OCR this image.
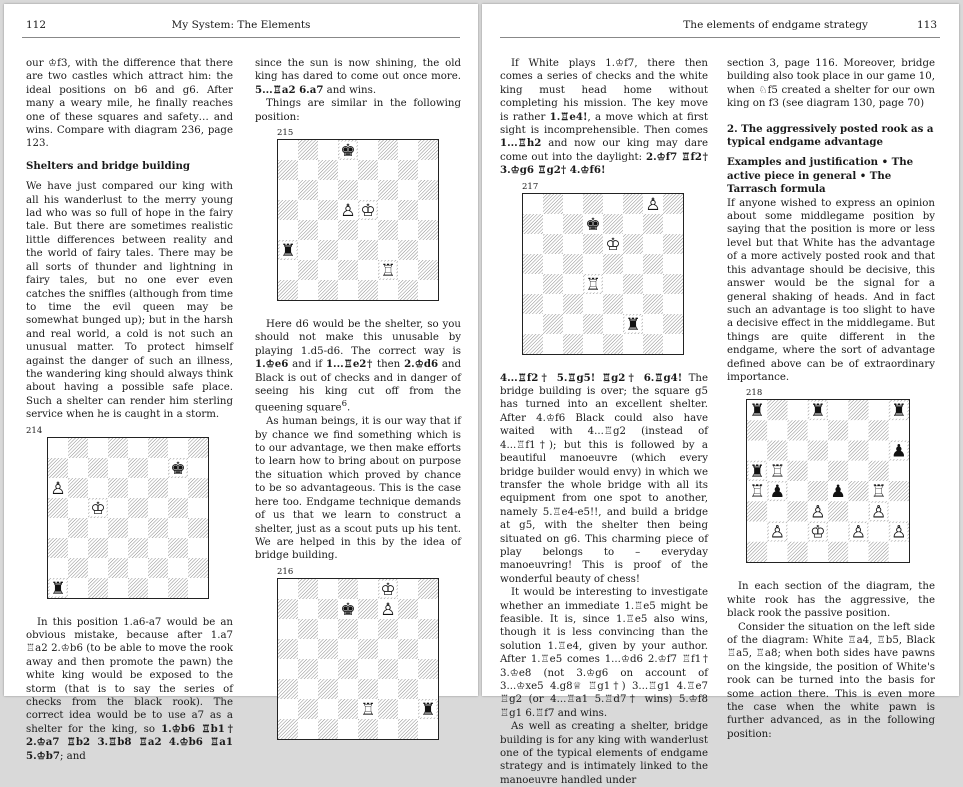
112	My System: The Elements

our ♔f3, with the difference that there are two castles which attract him: the ideal positions on b6 and g6. After many a weary mile, he finally reaches one of these squares and safety… and wins. Compare with diagram 236, page 123.

Shelters and bridge building

We have just compared our king with all his wanderlust to the merry young lad who was so full of hope in the fairy tale. But there are sometimes realistic little differences between reality and the world of fairy tales. There may be all sorts of thunder and lightning in fairy tales, but no one ever even catches the sniffles (although from time to time the evil queen may be somewhat bunged up); but in the harsh and real world, a cold is not such an unusual matter. To protect himself against the danger of such an illness, the wandering king should always think about having a possible safe place. Such a shelter can render him sterling service when he is caught in a storm.

214
♚
♙
♔
♜

In this position 1.a6-a7 would be an obvious mistake, because after 1.a7 ♖a2 2.♔b6 (to be able to move the rook away and then promote the pawn) the white king would be exposed to the storm (that is to say the series of checks from the black rook). The correct idea would be to use a7 as a shelter for the king, so 1.♔b6 ♖b1† 2.♔a7 ♖b2 3.♖b8 ♖a2 4.♔b6 ♖a1 5.♔b7; and

since the sun is now shining, the old king has dared to come out once more. 5...♖a2 6.a7 and wins.

Things are similar in the following position:

215
♚
♙ ♔
♜
♖

Here d6 would be the shelter, so you should not make this unusable by playing 1.d5-d6. The correct way is 1.♔e6 and if 1...♖e2† then 2.♔d6 and Black is out of checks and in danger of seeing his king cut off from the queening square$^6$.

As human beings, it is our way that if by chance we find something which is to our advantage, we then make efforts to learn how to bring about on purpose the situation which proved by chance to be so advantageous. This is the case here too. Endgame technique demands of us that we learn to construct a shelter, just as a scout puts up his tent. We are helped in this by the idea of bridge building.

216
♔
♚ ♙
♖	♜
The elements of endgame strategy	113

If White plays 1.♔f7, there then comes a series of checks and the white king must head home without completing his mission. The key move is rather 1.♖e4!, a move which at first sight is incomprehensible. Then comes 1...♖h2 and now our king may dare come out into the daylight: 2.♔f7 ♖f2† 3.♔g6 ♖g2† 4.♔f6!

217
♙
♚
♔
♖
♜

4...♖f2† 5.♖g5! ♖g2† 6.♖g4! The bridge building is over; the square g5 has turned into an excellent shelter. After 4.♔f6 Black could also have waited with 4...♖g2 (instead of 4...♖f1†); but this is followed by a beautiful manoeuvre (which every bridge builder would envy) in which we transfer the whole bridge with all its equipment from one spot to another, namely 5.♖e4-e5!!, and build a bridge at g5, with the shelter then being situated on g6. This charming piece of play belongs to – everyday manoeuvring! This is proof of the wonderful beauty of chess!

It would be interesting to investigate whether an immediate 1.♖e5 might be feasible. It is, since 1.♖e5 also wins, though it is less convincing than the solution 1.♖e4, given by your author. After 1.♖e5 comes 1...♔d6 2.♔f7 ♖f1† 3.♔e8 (not 3.♔g6 on account of 3...♔xe5 4.g8♕ ♖g1†) 3...♖g1 4.♖e7 ♖g2 (or 4...♖a1 5.♖d7† wins) 5.♔f8 ♖g1 6.♖f7 and wins.

As well as creating a shelter, bridge building is for any king with wanderlust one of the typical elements of endgame strategy and is intimately linked to the manoeuvre handled under

section 3, page 116. Moreover, bridge building also took place in our game 10, when ♘f5 created a shelter for our own king on f3 (see diagram 130, page 70)

2. The aggressively posted rook as a typical endgame advantage
Examples and justification • The active piece in general • The Tarrasch formula

If anyone wished to express an opinion about some middlegame position by saying that the position is more or less level but that White has the advantage of a more actively posted rook and that this advantage should be decisive, this answer would be the signal for a general shaking of heads. And in fact such an advantage is too slight to have a decisive effect in the middlegame. But things are quite different in the endgame, where the sort of advantage defined above can be of extraordinary importance.

218
♜	♜	♜
♟
♜ ♖
♖ ♟	♟ ♖
♙	♙
♙ ♔ ♙ ♙

In each section of the diagram, the white rook has the aggressive, the black rook the passive position.

Consider the situation on the left side of the diagram: White ♖a4, ♖b5, Black ♖a5, ♖a8; when both sides have pawns on the kingside, the position of White's rook can be turned into the basis for some action there. This is even more the case when the white pawn is further advanced, as in the following position:
